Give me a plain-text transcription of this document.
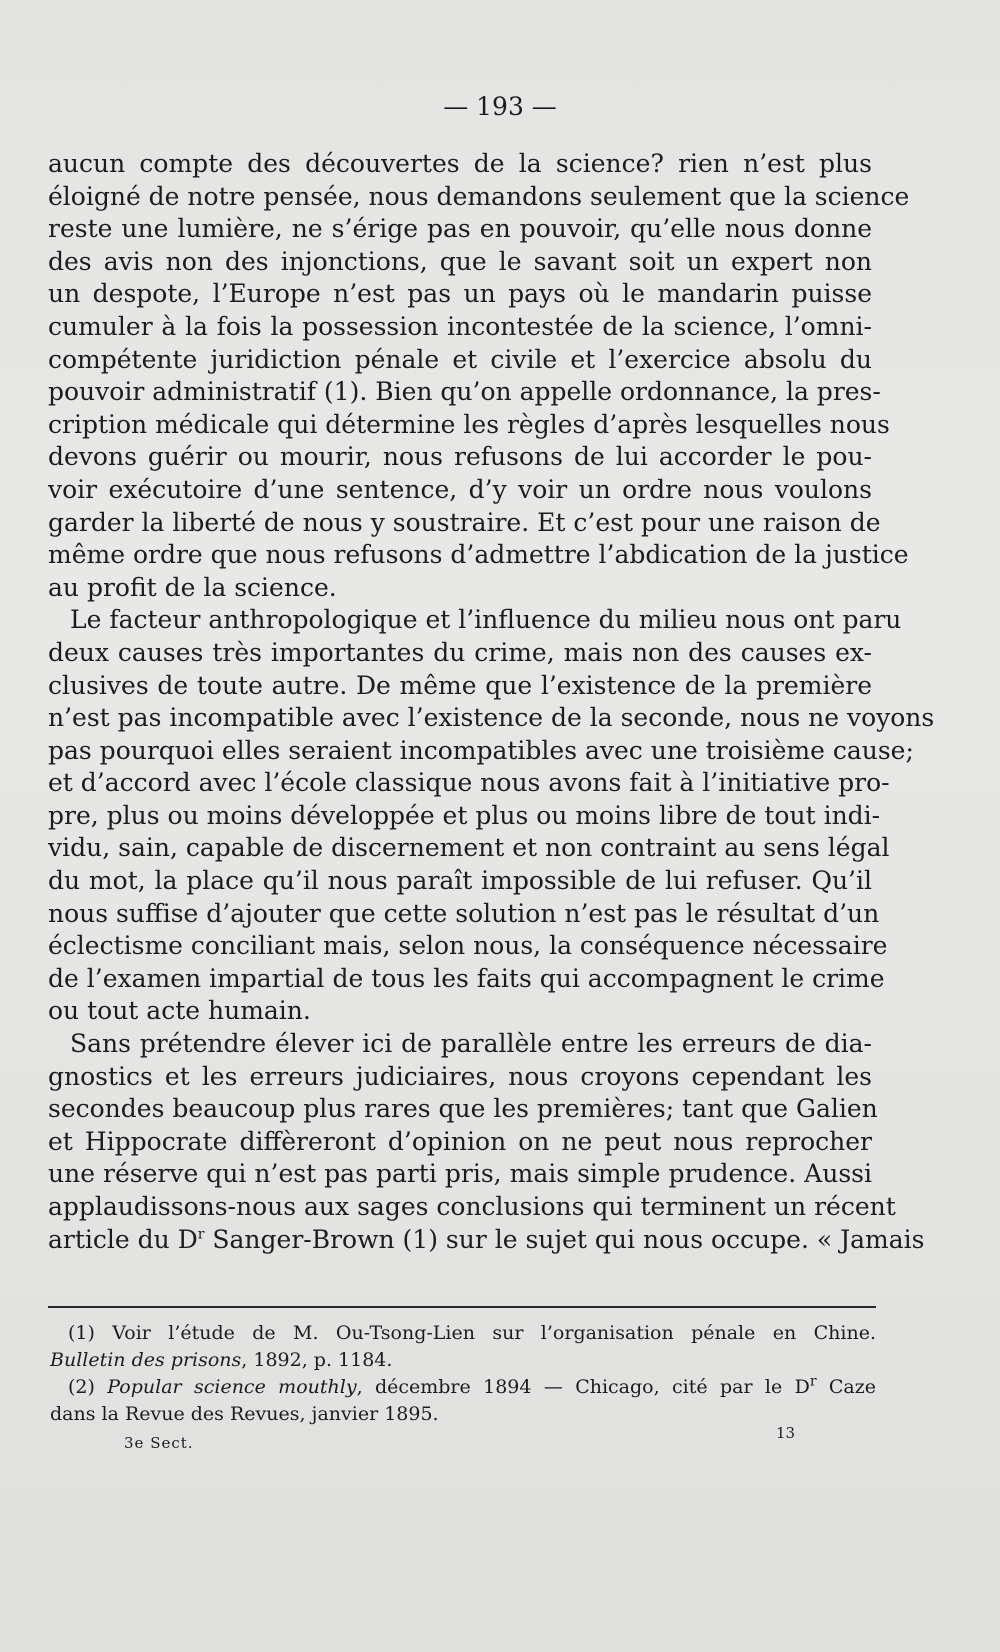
— 193 —
aucun compte des découvertes de la science? rien n’est plus
éloigné de notre pensée, nous demandons seulement que la science
reste une lumière, ne s’érige pas en pouvoir, qu’elle nous donne
des avis non des injonctions, que le savant soit un expert non
un despote, l’Europe n’est pas un pays où le mandarin puisse
cumuler à la fois la possession incontestée de la science, l’omni-
compétente juridiction pénale et civile et l’exercice absolu du
pouvoir administratif (1). Bien qu’on appelle ordonnance, la pres-
cription médicale qui détermine les règles d’après lesquelles nous
devons guérir ou mourir, nous refusons de lui accorder le pou-
voir exécutoire d’une sentence, d’y voir un ordre nous voulons
garder la liberté de nous y soustraire. Et c’est pour une raison de
même ordre que nous refusons d’admettre l’abdication de la justice
au profit de la science.
Le facteur anthropologique et l’influence du milieu nous ont paru
deux causes très importantes du crime, mais non des causes ex-
clusives de toute autre. De même que l’existence de la première
n’est pas incompatible avec l’existence de la seconde, nous ne voyons
pas pourquoi elles seraient incompatibles avec une troisième cause;
et d’accord avec l’école classique nous avons fait à l’initiative pro-
pre, plus ou moins développée et plus ou moins libre de tout indi-
vidu, sain, capable de discernement et non contraint au sens légal
du mot, la place qu’il nous paraît impossible de lui refuser. Qu’il
nous suffise d’ajouter que cette solution n’est pas le résultat d’un
éclectisme conciliant mais, selon nous, la conséquence nécessaire
de l’examen impartial de tous les faits qui accompagnent le crime
ou tout acte humain.
Sans prétendre élever ici de parallèle entre les erreurs de dia-
gnostics et les erreurs judiciaires, nous croyons cependant les
secondes beaucoup plus rares que les premières; tant que Galien
et Hippocrate diffèreront d’opinion on ne peut nous reprocher
une réserve qui n’est pas parti pris, mais simple prudence. Aussi
applaudissons-nous aux sages conclusions qui terminent un récent
article du $D^r$ Sanger-Brown (1) sur le sujet qui nous occupe. « Jamais
(1) Voir l’étude de M. Ou-Tsong-Lien sur l’organisation pénale en Chine.
Bulletin des prisons, 1892, p. 1184.
(2) Popular science mouthly, décembre 1894 — Chicago, cité par le $D^r$ Caze
dans la Revue des Revues, janvier 1895.
3e Sect.
13
